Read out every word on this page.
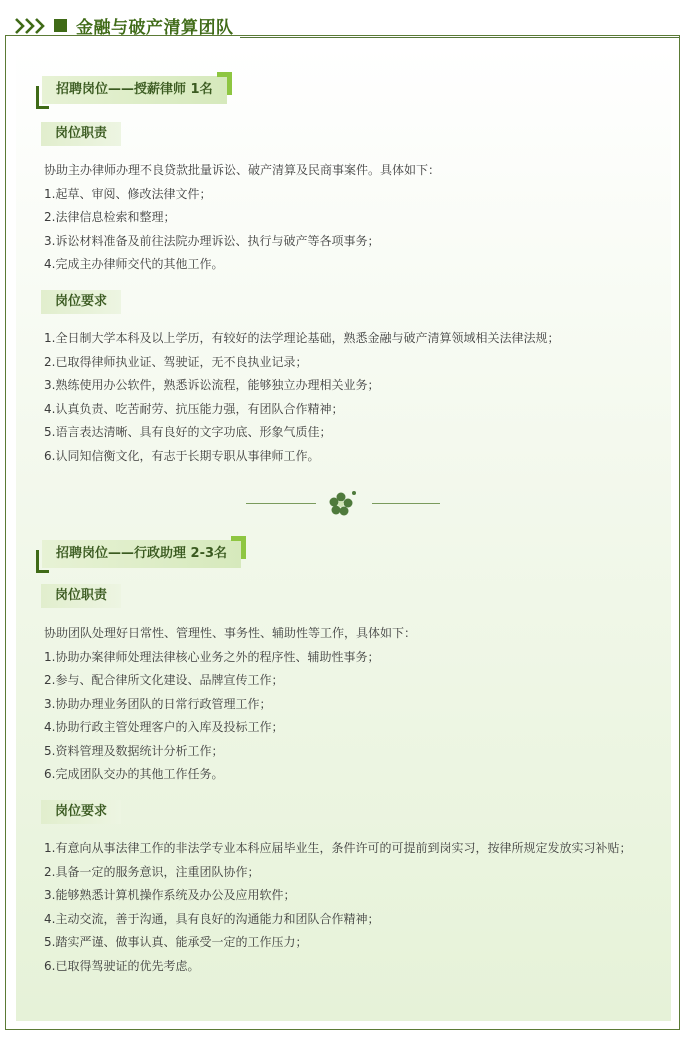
金融与破产清算团队
招聘岗位——授薪律师 1名
岗位职责

协助主办律师办理不良贷款批量诉讼、破产清算及民商事案件。具体如下：

1.起草、审阅、修改法律文件；

2.法律信息检索和整理；

3.诉讼材料准备及前往法院办理诉讼、执行与破产等各项事务；

4.完成主办律师交代的其他工作。

岗位要求

1.全日制大学本科及以上学历，有较好的法学理论基础，熟悉金融与破产清算领域相关法律法规；

2.已取得律师执业证、驾驶证，无不良执业记录；

3.熟练使用办公软件，熟悉诉讼流程，能够独立办理相关业务；

4.认真负责、吃苦耐劳、抗压能力强，有团队合作精神；

5.语言表达清晰、具有良好的文字功底、形象气质佳；

6.认同知信衡文化，有志于长期专职从事律师工作。

招聘岗位——行政助理 2-3名
岗位职责

协助团队处理好日常性、管理性、事务性、辅助性等工作，具体如下：

1.协助办案律师处理法律核心业务之外的程序性、辅助性事务；

2.参与、配合律所文化建设、品牌宣传工作；

3.协助办理业务团队的日常行政管理工作；

4.协助行政主管处理客户的入库及投标工作；

5.资料管理及数据统计分析工作；

6.完成团队交办的其他工作任务。

岗位要求

1.有意向从事法律工作的非法学专业本科应届毕业生，条件许可的可提前到岗实习，按律所规定发放实习补贴；

2.具备一定的服务意识，注重团队协作；

3.能够熟悉计算机操作系统及办公及应用软件；

4.主动交流，善于沟通，具有良好的沟通能力和团队合作精神；

5.踏实严谨、做事认真、能承受一定的工作压力；

6.已取得驾驶证的优先考虑。
